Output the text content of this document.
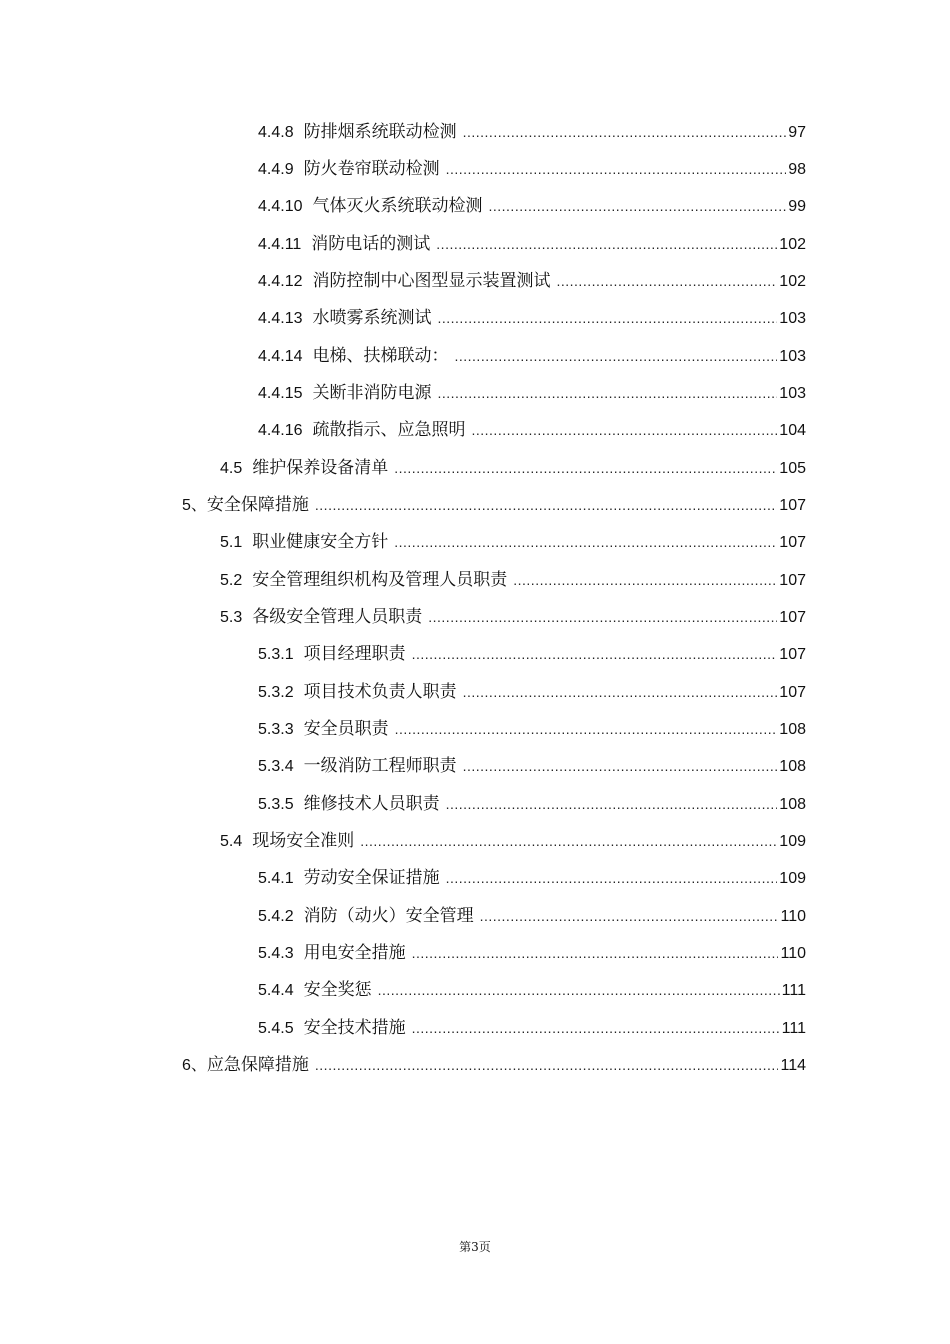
4.4.8 防排烟系统联动检测 .....	97
4.4.9 防火卷帘联动检测 .....	98
4.4.10 气体灭火系统联动检测 .....	99
4.4.11 消防电话的测试 .....	102
4.4.12 消防控制中心图型显示装置测试 .....	102
4.4.13 水喷雾系统测试 .....	103
4.4.14 电梯、扶梯联动： .....	103
4.4.15 关断非消防电源 .....	103
4.4.16 疏散指示、应急照明 .....	104
4.5 维护保养设备清单 .....	105
5、 安全保障措施 .....	107
5.1 职业健康安全方针 .....	107
5.2 安全管理组织机构及管理人员职责 .....	107
5.3 各级安全管理人员职责 .....	107
5.3.1 项目经理职责 .....	107
5.3.2 项目技术负责人职责 .....	107
5.3.3 安全员职责 .....	108
5.3.4 一级消防工程师职责 .....	108
5.3.5 维修技术人员职责 .....	108
5.4 现场安全准则 .....	109
5.4.1 劳动安全保证措施 .....	109
5.4.2 消防（动火）安全管理 .....	110
5.4.3 用电安全措施 .....	110
5.4.4 安全奖惩 .....	111
5.4.5 安全技术措施 .....	111
6、 应急保障措施 .....	114
第3页
